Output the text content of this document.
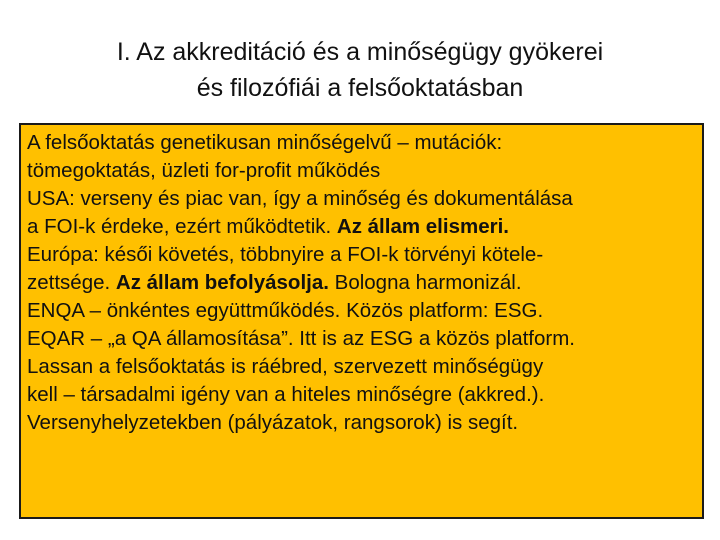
I. Az akkreditáció és a minőségügy gyökerei
és filozófiái a felsőoktatásban

A felsőoktatás genetikusan minőségelvű – mutációk:
tömegoktatás, üzleti for-profit működés

USA: verseny és piac van, így a minőség és dokumentálása
a FOI-k érdeke, ezért működtetik. Az állam elismeri.

Európa: késői követés, többnyire a FOI-k törvényi kötele-
zettsége. Az állam befolyásolja. Bologna harmonizál.

ENQA – önkéntes együttműködés. Közös platform: ESG.

EQAR – „a QA államosítása”. Itt is az ESG a közös platform.

Lassan a felsőoktatás is ráébred, szervezett minőségügy
kell – társadalmi igény van a hiteles minőségre (akkred.).
Versenyhelyzetekben (pályázatok, rangsorok) is segít.
